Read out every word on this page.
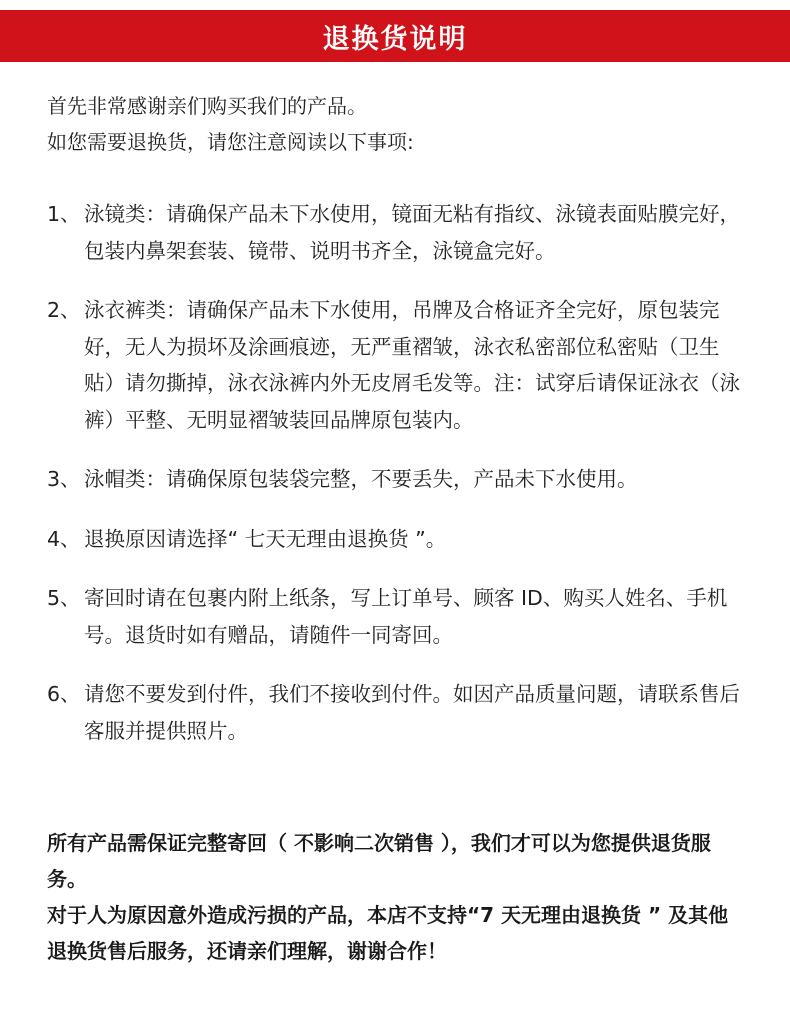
退换货说明

首先非常感谢亲们购买我们的产品。

如您需要退换货，请您注意阅读以下事项:

1、 泳镜类：请确保产品未下水使用，镜面无粘有指纹、泳镜表面贴膜完好，包装内鼻架套装、镜带、说明书齐全，泳镜盒完好。
2、 泳衣裤类：请确保产品未下水使用，吊牌及合格证齐全完好，原包装完好，无人为损坏及涂画痕迹，无严重褶皱，泳衣私密部位私密贴（卫生贴）请勿撕掉，泳衣泳裤内外无皮屑毛发等。注：试穿后请保证泳衣（泳裤）平整、无明显褶皱装回品牌原包装内。
3、 泳帽类：请确保原包装袋完整，不要丢失，产品未下水使用。
4、 退换原因请选择“ 七天无理由退换货 ”。
5、 寄回时请在包裹内附上纸条，写上订单号、顾客 ID、购买人姓名、手机号。退货时如有赠品，请随件一同寄回。
6、 请您不要发到付件，我们不接收到付件。如因产品质量问题，请联系售后客服并提供照片。

所有产品需保证完整寄回（ 不影响二次销售 ），我们才可以为您提供退货服务。

对于人为原因意外造成污损的产品，本店不支持“7 天无理由退换货 ” 及其他退换货售后服务，还请亲们理解，谢谢合作！
